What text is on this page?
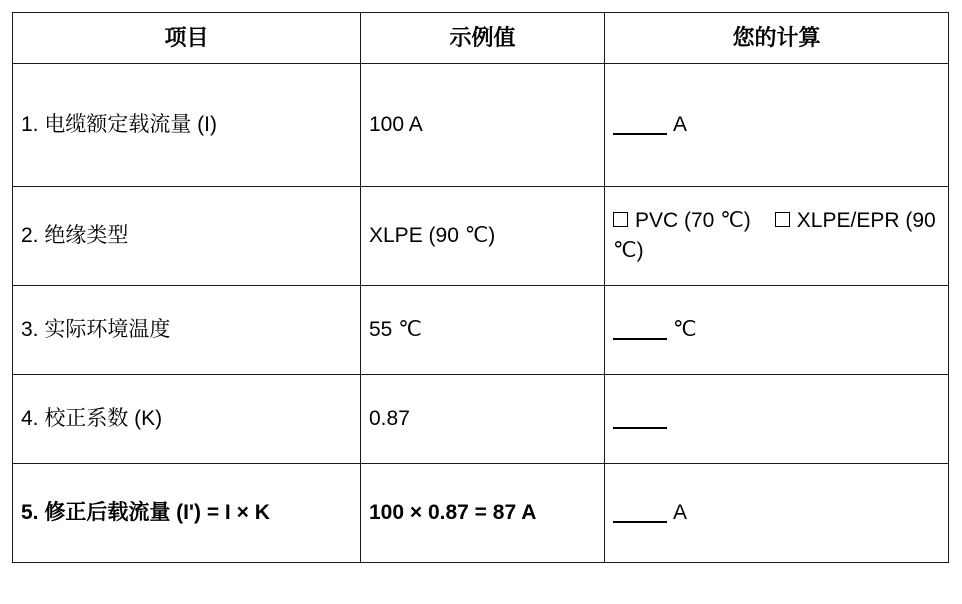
项目	示例值	您的计算
1. 电缆额定载流量 (I)	100 A	A
2. 绝缘类型	XLPE (90 ℃)	PVC (70 ℃) XLPE/EPR (90 ℃)
3. 实际环境温度	55 ℃	℃
4. 校正系数 (K)	0.87	
5. 修正后载流量 (I') = I × K	100 × 0.87 = 87 A	A
